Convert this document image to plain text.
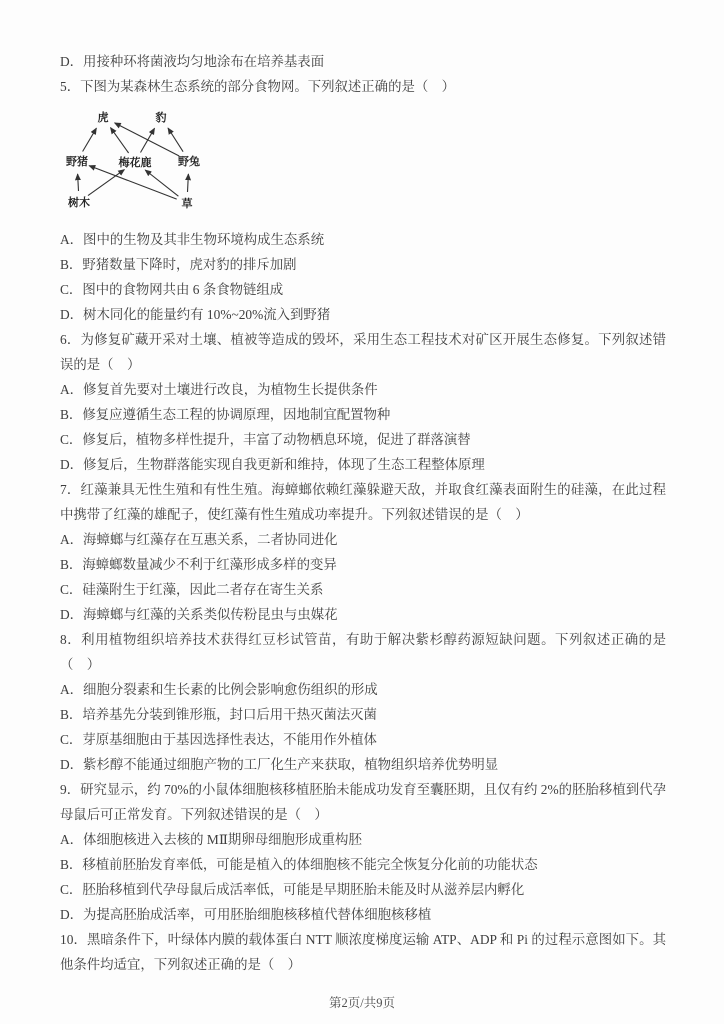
D．用接种环将菌液均匀地涂布在培养基表面

5．下图为某森林生态系统的部分食物网。下列叙述正确的是（　）

虎	豹
野猪	梅花鹿 野兔
树木	草

A．图中的生物及其非生物环境构成生态系统

B．野猪数量下降时，虎对豹的排斥加剧

C．图中的食物网共由 6 条食物链组成

D．树木同化的能量约有 10%~20%流入到野猪

6．为修复矿藏开采对土壤、植被等造成的毁坏，采用生态工程技术对矿区开展生态修复。下列叙述错误的是（　）

A．修复首先要对土壤进行改良，为植物生长提供条件

B．修复应遵循生态工程的协调原理，因地制宜配置物种

C．修复后，植物多样性提升，丰富了动物栖息环境，促进了群落演替

D．修复后，生物群落能实现自我更新和维持，体现了生态工程整体原理

7．红藻兼具无性生殖和有性生殖。海蟑螂依赖红藻躲避天敌，并取食红藻表面附生的硅藻，在此过程中携带了红藻的雄配子，使红藻有性生殖成功率提升。下列叙述错误的是（　）

A．海蟑螂与红藻存在互惠关系，二者协同进化

B．海蟑螂数量减少不利于红藻形成多样的变异

C．硅藻附生于红藻，因此二者存在寄生关系

D．海蟑螂与红藻的关系类似传粉昆虫与虫媒花

8．利用植物组织培养技术获得红豆杉试管苗，有助于解决紫杉醇药源短缺问题。下列叙述正确的是（　）

A．细胞分裂素和生长素的比例会影响愈伤组织的形成

B．培养基先分装到锥形瓶，封口后用干热灭菌法灭菌

C．芽原基细胞由于基因选择性表达，不能用作外植体

D．紫杉醇不能通过细胞产物的工厂化生产来获取，植物组织培养优势明显

9．研究显示，约 70%的小鼠体细胞核移植胚胎未能成功发育至囊胚期，且仅有约 2%的胚胎移植到代孕母鼠后可正常发育。下列叙述错误的是（　）

A．体细胞核进入去核的 MⅡ期卵母细胞形成重构胚

B．移植前胚胎发育率低，可能是植入的体细胞核不能完全恢复分化前的功能状态

C．胚胎移植到代孕母鼠后成活率低，可能是早期胚胎未能及时从滋养层内孵化

D．为提高胚胎成活率，可用胚胎细胞核移植代替体细胞核移植

10．黑暗条件下，叶绿体内膜的载体蛋白 NTT 顺浓度梯度运输 ATP、ADP 和 Pi 的过程示意图如下。其他条件均适宜，下列叙述正确的是（　）

第2页/共9页
